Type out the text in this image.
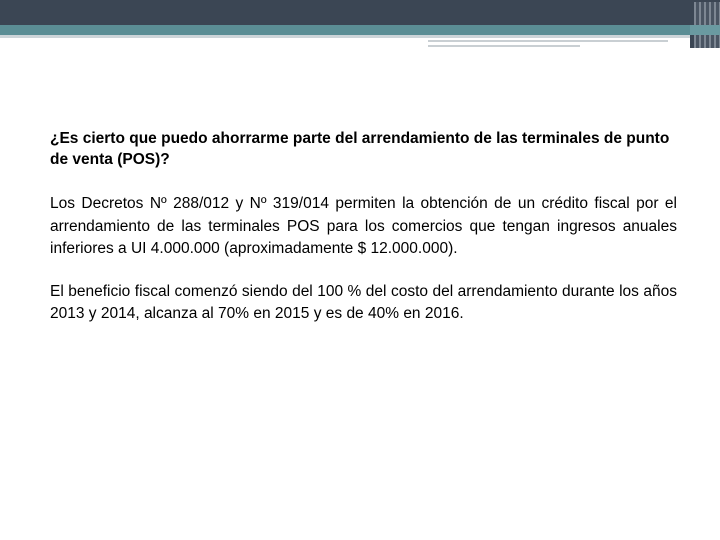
¿Es cierto que puedo ahorrarme parte del arrendamiento de las terminales de punto de venta (POS)?

Los Decretos Nº 288/012 y Nº 319/014 permiten la obtención de un crédito fiscal por el arrendamiento de las terminales POS para los comercios que tengan ingresos anuales inferiores a UI 4.000.000 (aproximadamente $ 12.000.000).

El beneficio fiscal comenzó siendo del 100 % del costo del arrendamiento durante los años 2013 y 2014, alcanza al 70% en 2015 y es de 40% en 2016.
